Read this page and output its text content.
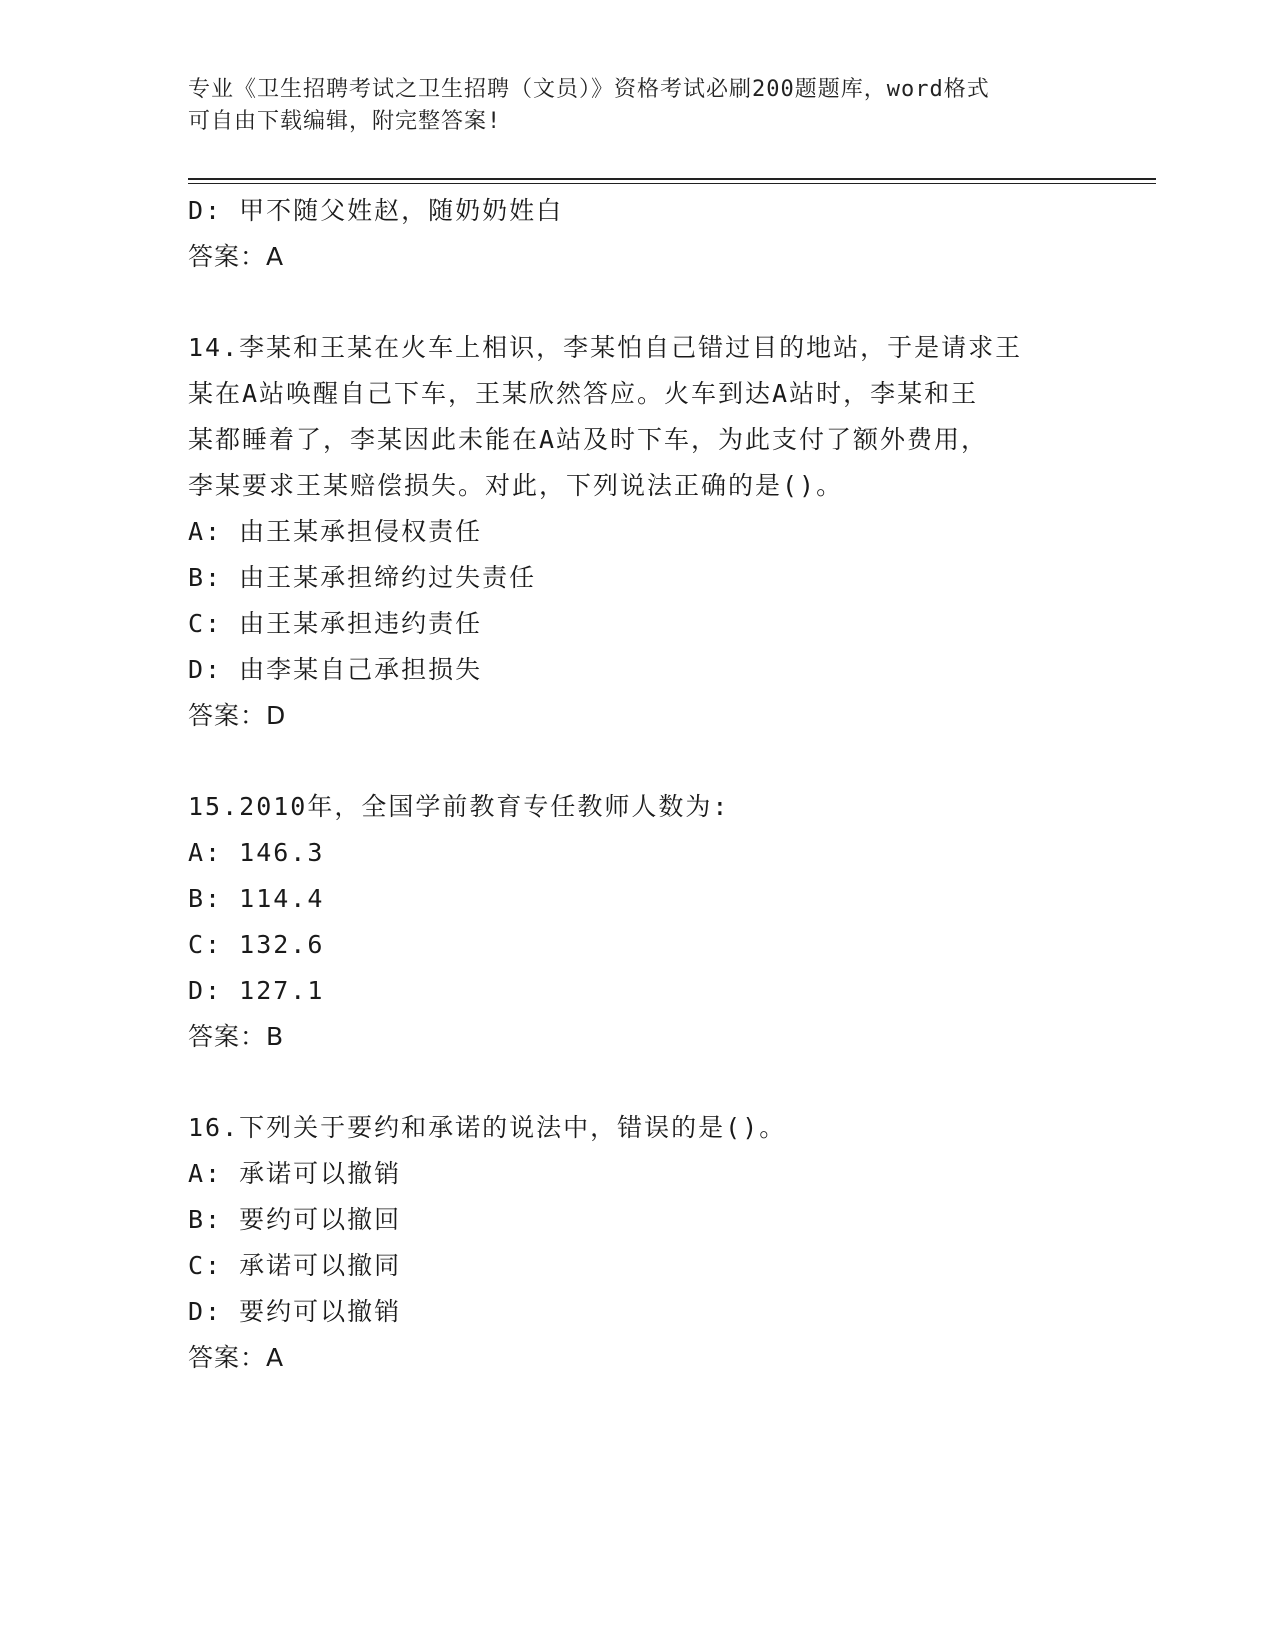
专业《卫生招聘考试之卫生招聘（文员）》资格考试必刷200题题库，word格式
可自由下载编辑，附完整答案!
D: 甲不随父姓赵，随奶奶姓白
答案：A
14.李某和王某在火车上相识，李某怕自己错过目的地站，于是请求王
某在A站唤醒自己下车，王某欣然答应。火车到达A站时，李某和王
某都睡着了，李某因此未能在A站及时下车，为此支付了额外费用，
李某要求王某赔偿损失。对此，下列说法正确的是()。
A: 由王某承担侵权责任
B: 由王某承担缔约过失责任
C: 由王某承担违约责任
D: 由李某自己承担损失
答案：D
15.2010年，全国学前教育专任教师人数为:
A: 146.3
B: 114.4
C: 132.6
D: 127.1
答案：B
16.下列关于要约和承诺的说法中，错误的是()。
A: 承诺可以撤销
B: 要约可以撤回
C: 承诺可以撤同
D: 要约可以撤销
答案：A
